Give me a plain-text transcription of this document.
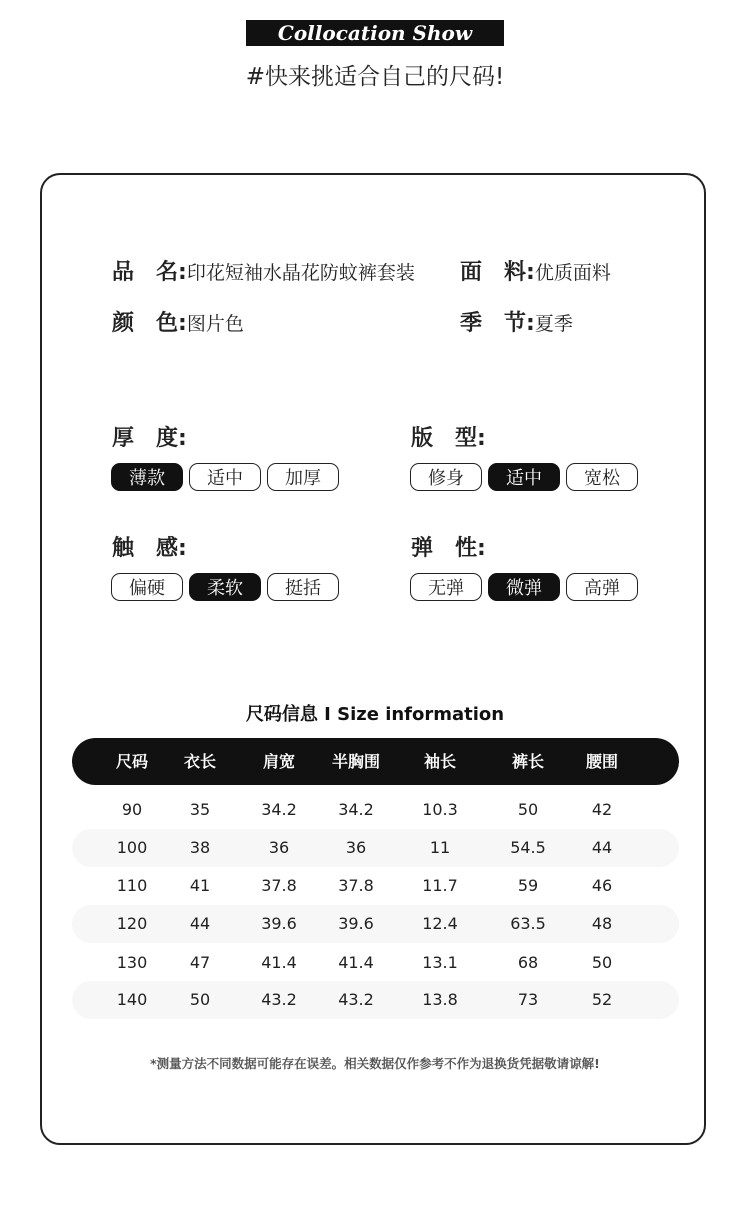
Collocation Show
#快来挑适合自己的尺码!
品　名:印花短袖水晶花防蚊裤套装 面　料:优质面料
颜　色:图片色	季　节:夏季
厚　度:
薄款	适中	加厚
版　型:
修身	适中	宽松
触　感:
偏硬	柔软	挺括
弹　性:
无弹	微弹	高弹
尺码信息 I Size information
尺码 衣长	肩宽 半胸围	袖长	裤长	腰围
90	35	34.2	34.2	10.3	50	42
100	38	36	36	11	54.5	44
110	41	37.8	37.8	11.7	59	46
120	44	39.6	39.6	12.4	63.5	48
130	47	41.4	41.4	13.1	68	50
140	50	43.2	43.2	13.8	73	52
*测量方法不同数据可能存在误差。相关数据仅作参考不作为退换货凭据敬请谅解!
